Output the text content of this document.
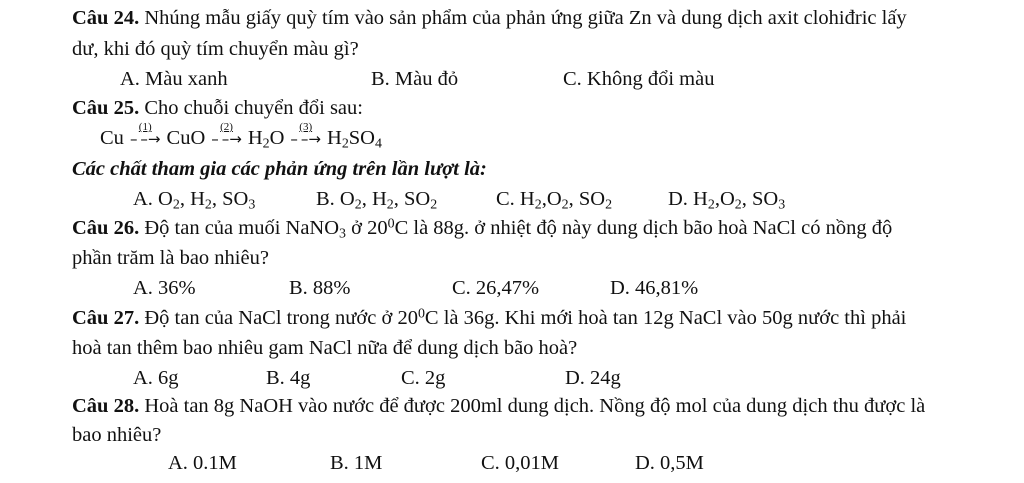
Câu 24. Nhúng mẫu giấy quỳ tím vào sản phẩm của phản ứng giữa Zn và dung dịch axit clohiđric lấy
dư, khi đó quỳ tím chuyển màu gì?
A. Màu xanh	B. Màu đỏ	C. Không đổi màu
Câu 25. Cho chuỗi chuyển đổi sau:
Cu – –→
(1) CuO – –→
(2) $H_2O$ – –→
(3) $H_2SO_4$
Các chất tham gia các phản ứng trên lần lượt là:
A. $O_2$, $H_2$, $SO_3$	B. $O_2$, $H_2$, $SO_2$	C. $H_2,O_2$, $SO_2$	D. $H_2,O_2$, $SO_3$
Câu 26. Độ tan của muối NaNO$_3$ ở $20^0C$ là 88g. ở nhiệt độ này dung dịch bão hoà NaCl có nồng độ
phần trăm là bao nhiêu?
A. 36%	B. 88%	C. 26,47%	D. 46,81%
Câu 27. Độ tan của NaCl trong nước ở $20^0C$ là 36g. Khi mới hoà tan 12g NaCl vào 50g nước thì phải
hoà tan thêm bao nhiêu gam NaCl nữa để dung dịch bão hoà?
A. 6g	B. 4g	C. 2g	D. 24g
Câu 28. Hoà tan 8g NaOH vào nước để được 200ml dung dịch. Nồng độ mol của dung dịch thu được là
bao nhiêu?
A. 0.1M	B. 1M	C. 0,01M	D. 0,5M
